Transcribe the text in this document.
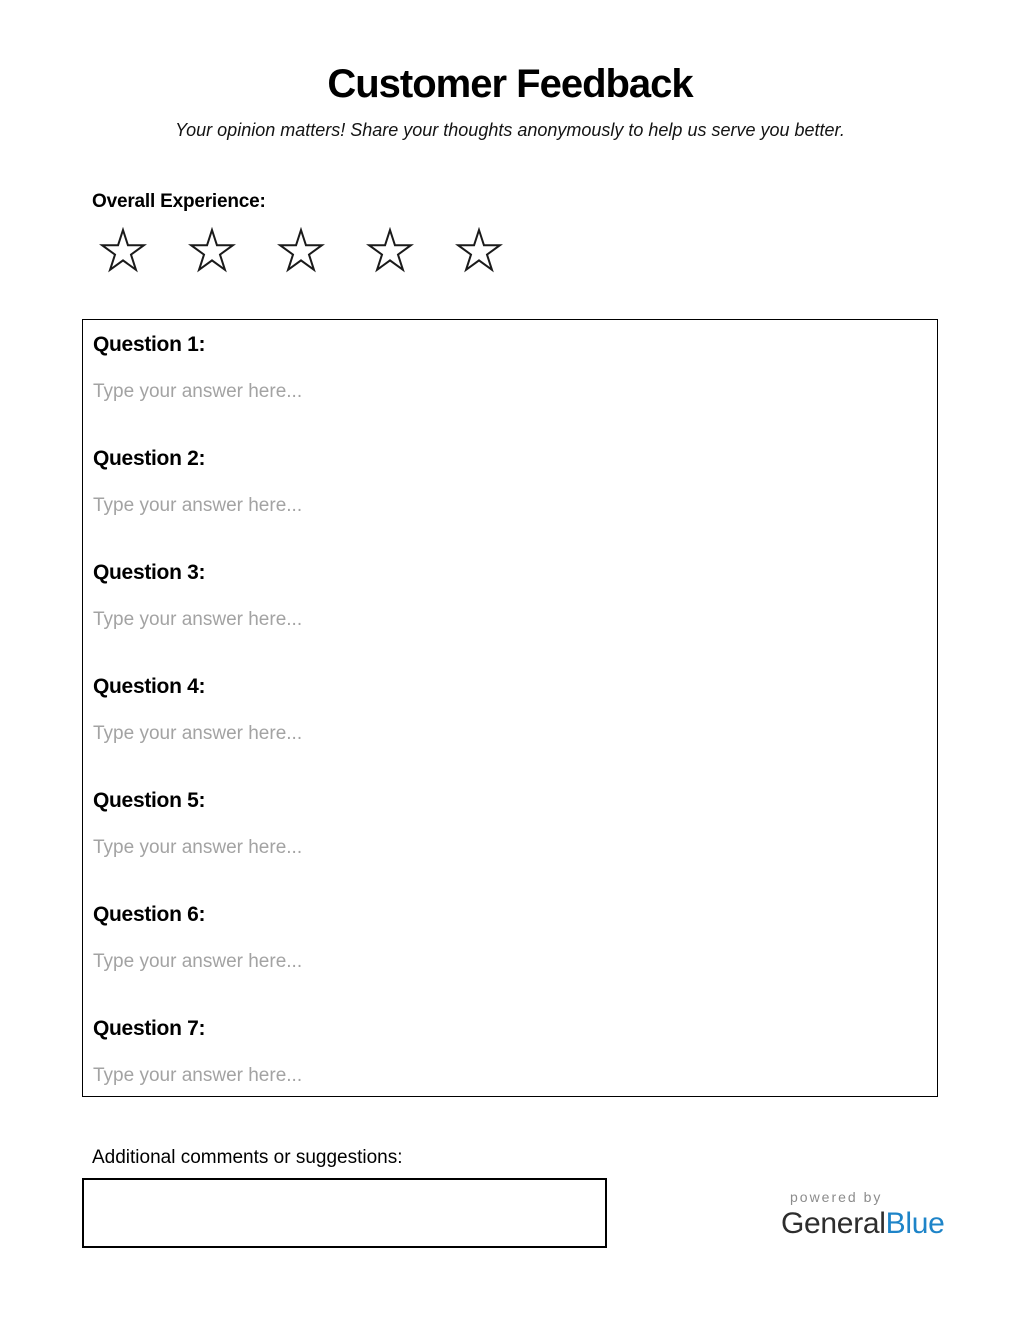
Customer Feedback
Your opinion matters! Share your thoughts anonymously to help us serve you better.
Overall Experience:
Question 1:
Type your answer here...
Question 2:
Type your answer here...
Question 3:
Type your answer here...
Question 4:
Type your answer here...
Question 5:
Type your answer here...
Question 6:
Type your answer here...
Question 7:
Type your answer here...
Additional comments or suggestions:
powered by
GeneralBlue
